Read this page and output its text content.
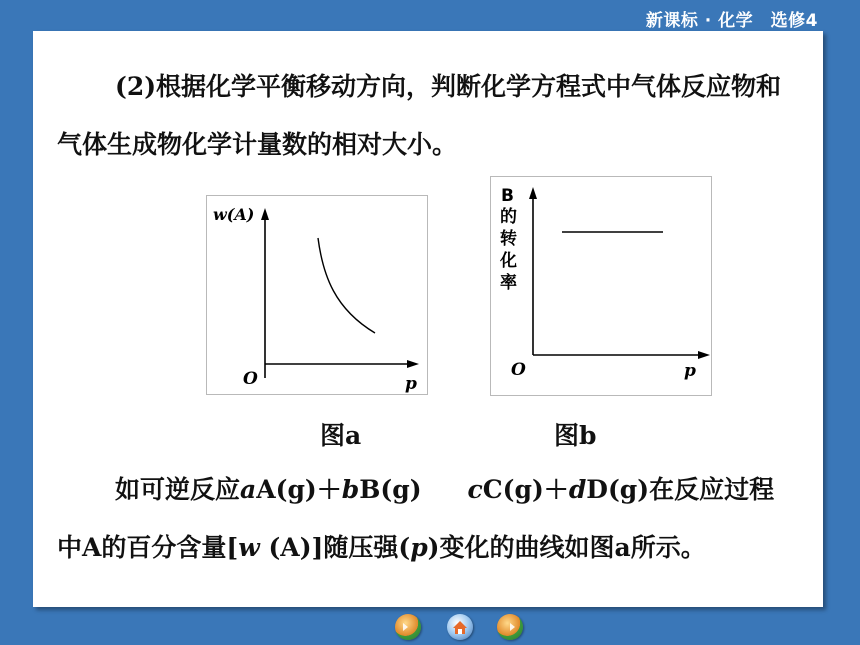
新课标 · 化学　选修4
(2)根据化学平衡移动方向，判断化学方程式中气体反应物和气体生成物化学计量数的相对大小。
w(A)
O	p
B
的
转
化
率
O	p
图a	图b
如可逆反应aA(g)＋bB(g) cC(g)＋dD(g)在反应过程中A的百分含量[w (A)]随压强(p)变化的曲线如图a所示。
